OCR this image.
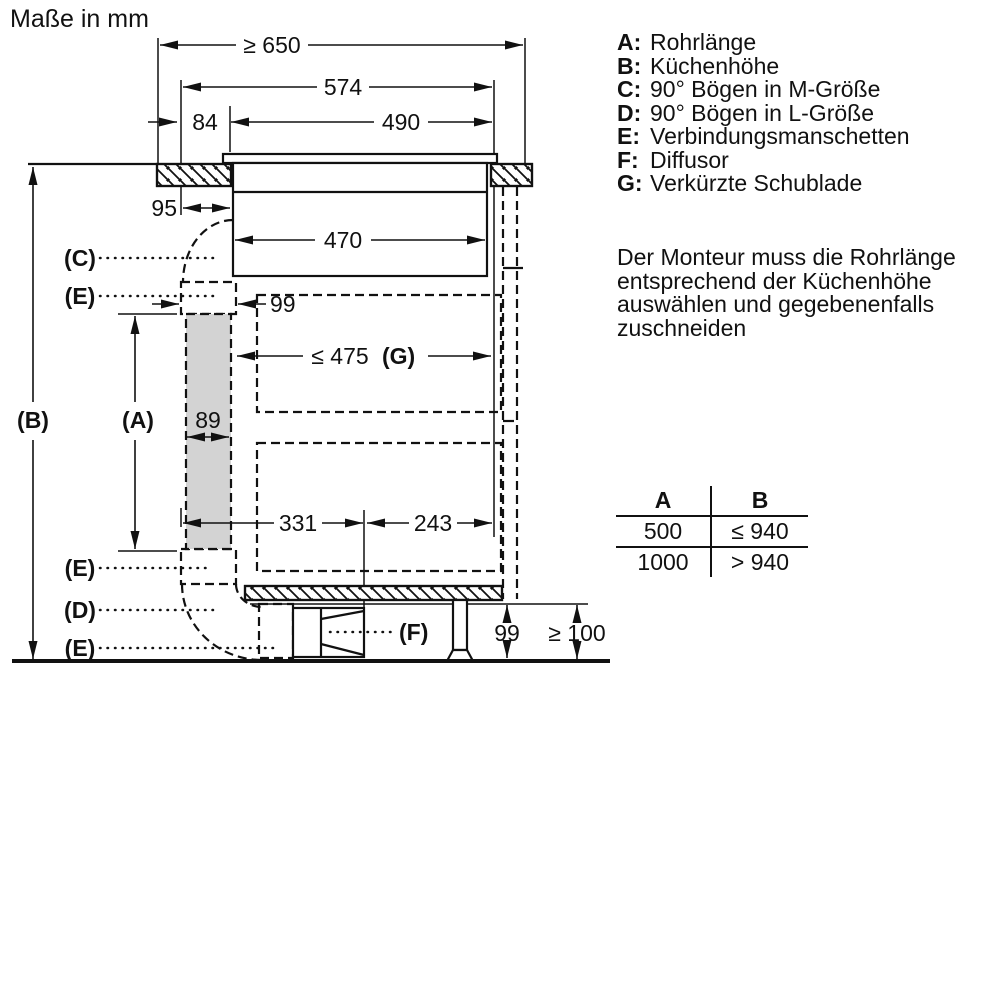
Maße in mm
≥ 650
574
84	490
95
470
99
≤ 475 (G)
89
331	243
99 ≥ 100
(B)	(A)
(C)
(E)
(E)
(D)
(E)
(F)
A: Rohrlänge
B: Küchenhöhe
C: 90° Bögen in M-Größe
D: 90° Bögen in L-Größe
E: Verbindungsmanschetten
F: Diffusor
G: Verkürzte Schublade
Der Monteur muss die Rohrlänge
entsprechend der Küchenhöhe
auswählen und gegebenenfalls
zuschneiden
A	B
500	≤ 940
1000	> 940
